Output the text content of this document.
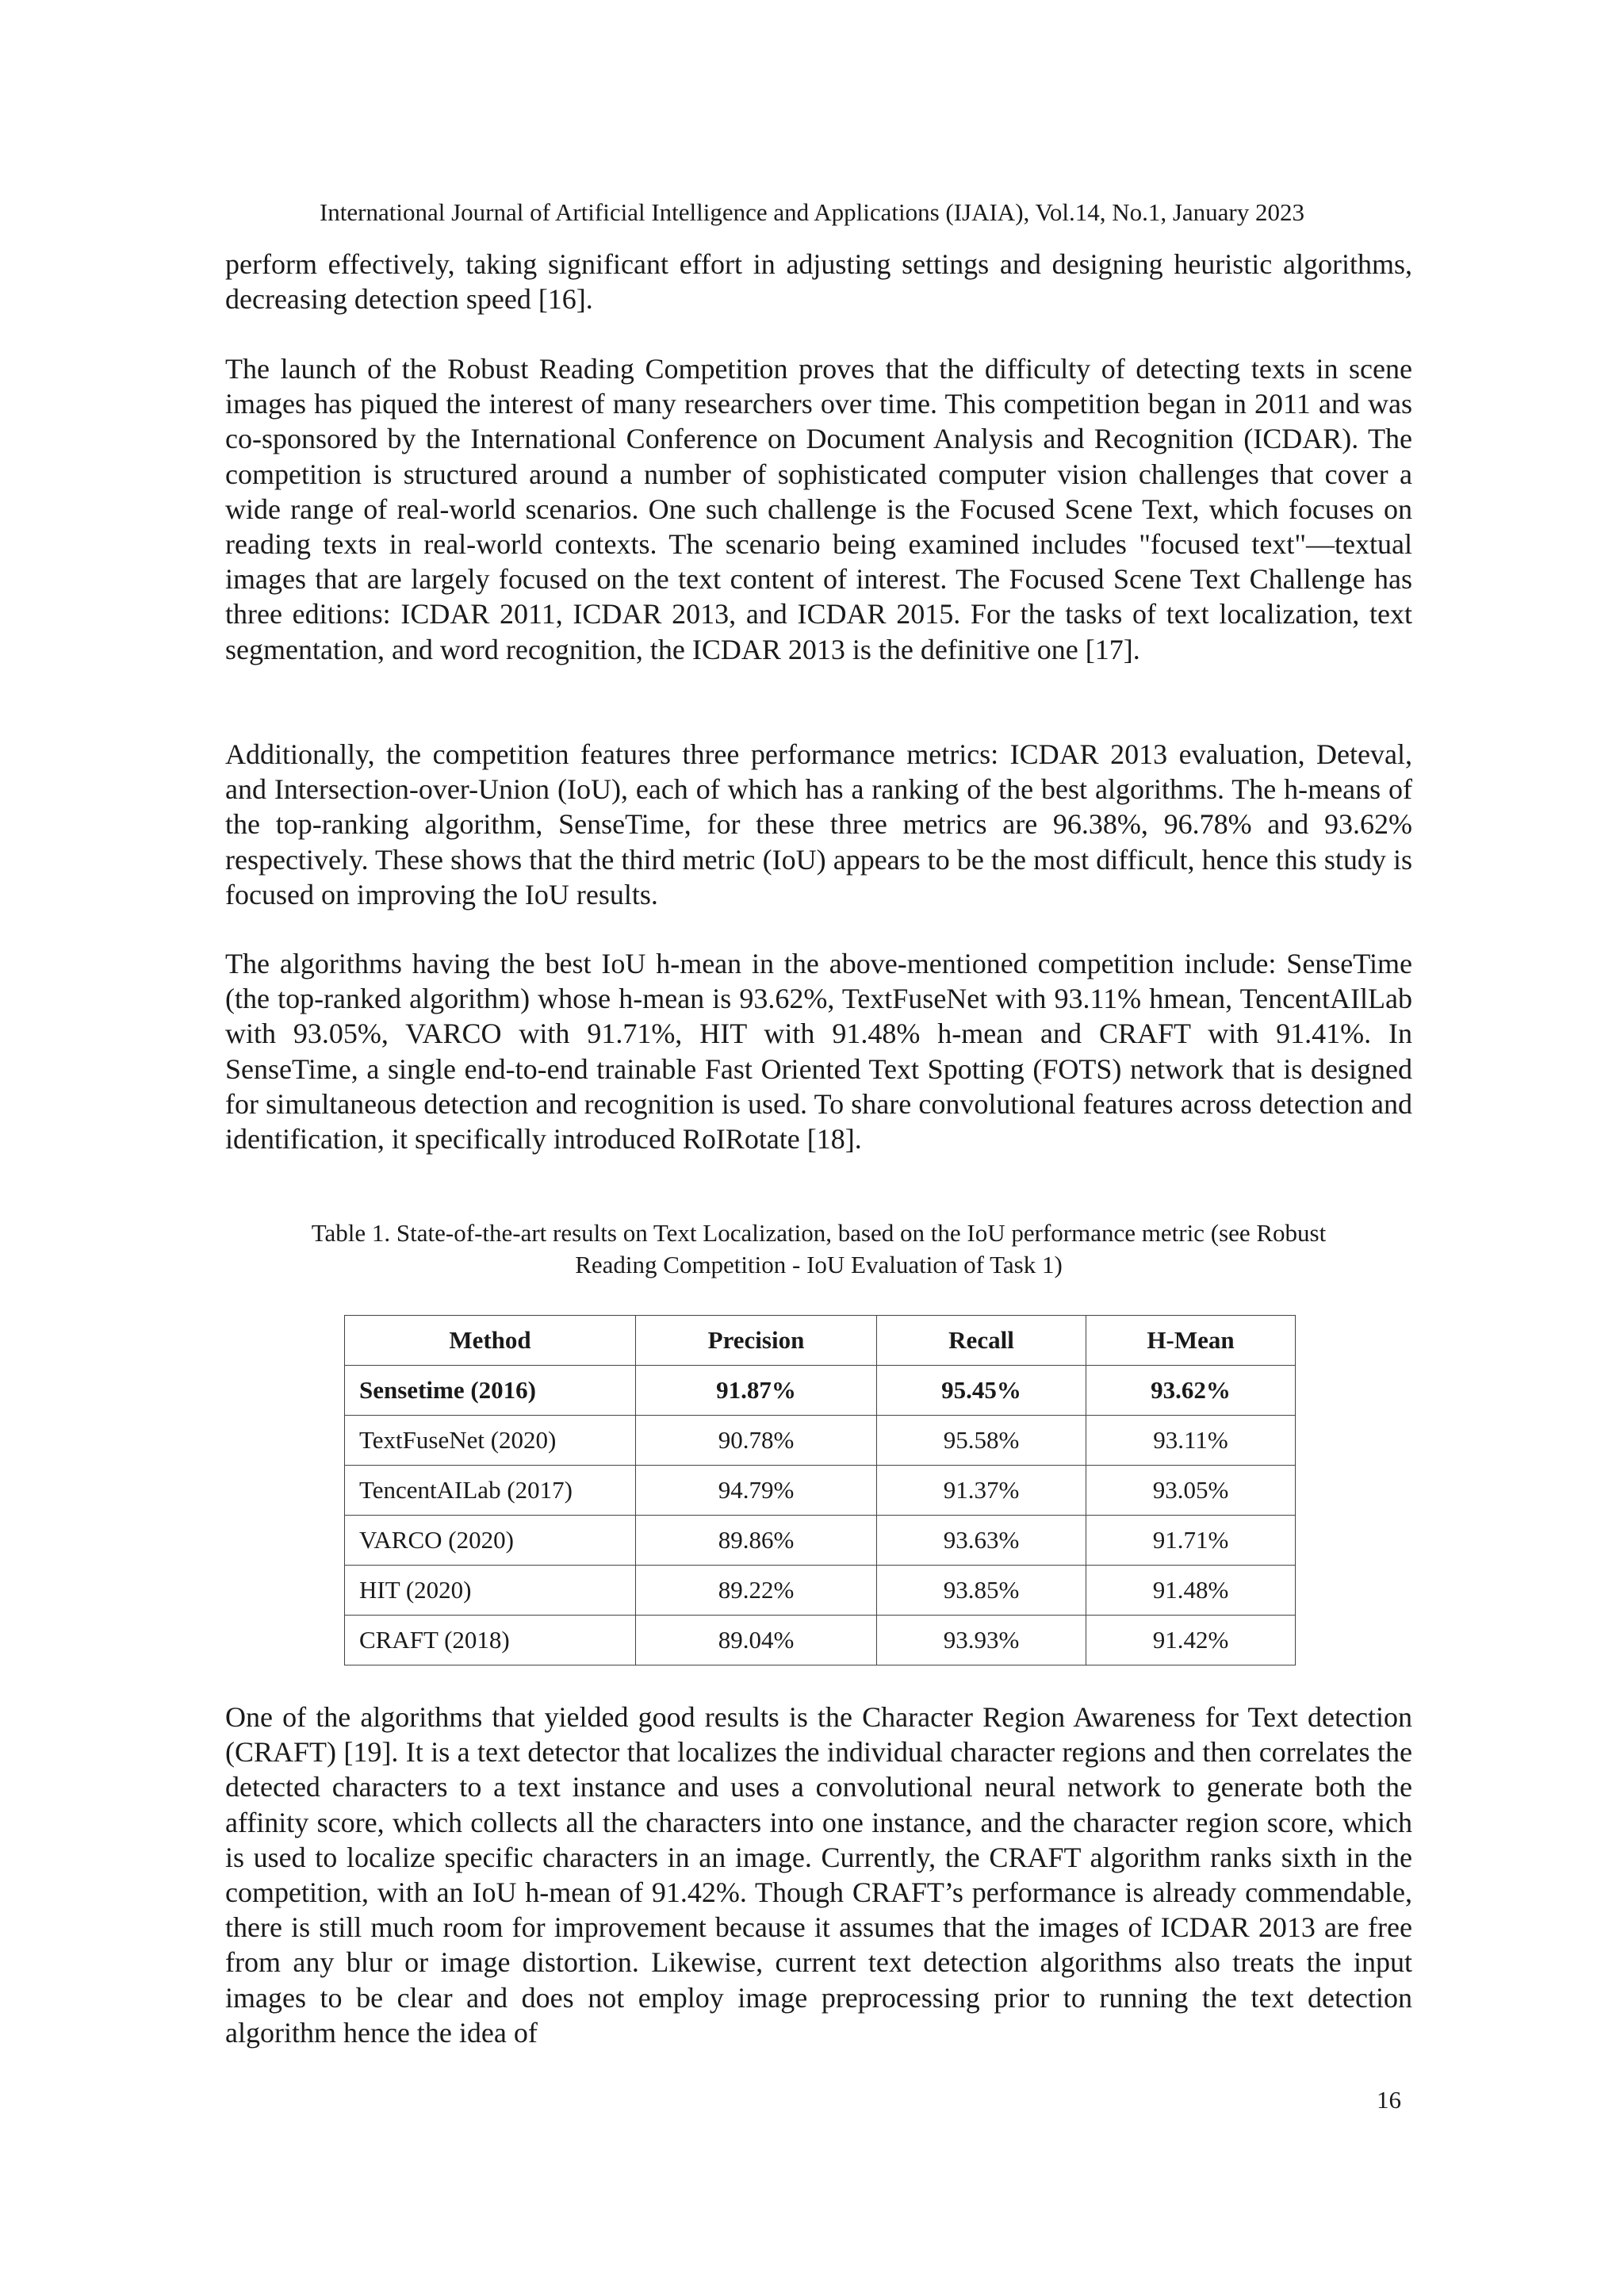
International Journal of Artificial Intelligence and Applications (IJAIA), Vol.14, No.1, January 2023

perform effectively, taking significant effort in adjusting settings and designing heuristic algorithms, decreasing detection speed [16].

The launch of the Robust Reading Competition proves that the difficulty of detecting texts in scene images has piqued the interest of many researchers over time. This competition began in 2011 and was co-sponsored by the International Conference on Document Analysis and Recognition (ICDAR). The competition is structured around a number of sophisticated computer vision challenges that cover a wide range of real-world scenarios. One such challenge is the Focused Scene Text, which focuses on reading texts in real-world contexts. The scenario being examined includes "focused text"—textual images that are largely focused on the text content of interest. The Focused Scene Text Challenge has three editions: ICDAR 2011, ICDAR 2013, and ICDAR 2015. For the tasks of text localization, text segmentation, and word recognition, the ICDAR 2013 is the definitive one [17].

Additionally, the competition features three performance metrics: ICDAR 2013 evaluation, Deteval, and Intersection-over-Union (IoU), each of which has a ranking of the best algorithms. The h-means of the top-ranking algorithm, SenseTime, for these three metrics are 96.38%, 96.78% and 93.62% respectively. These shows that the third metric (IoU) appears to be the most difficult, hence this study is focused on improving the IoU results.

The algorithms having the best IoU h-mean in the above-mentioned competition include: SenseTime (the top-ranked algorithm) whose h-mean is 93.62%, TextFuseNet with 93.11% hmean, TencentAIlLab with 93.05%, VARCO with 91.71%, HIT with 91.48% h-mean and CRAFT with 91.41%. In SenseTime, a single end-to-end trainable Fast Oriented Text Spotting (FOTS) network that is designed for simultaneous detection and recognition is used. To share convolutional features across detection and identification, it specifically introduced RoIRotate [18].

Table 1. State-of-the-art results on Text Localization, based on the IoU performance metric (see Robust
Reading Competition - IoU Evaluation of Task 1)
Method	Precision	Recall	H-Mean
Sensetime (2016)	91.87%	95.45%	93.62%
TextFuseNet (2020)	90.78%	95.58%	93.11%
TencentAILab (2017)	94.79%	91.37%	93.05%
VARCO (2020)	89.86%	93.63%	91.71%
HIT (2020)	89.22%	93.85%	91.48%
CRAFT (2018)	89.04%	93.93%	91.42%

One of the algorithms that yielded good results is the Character Region Awareness for Text detection (CRAFT) [19]. It is a text detector that localizes the individual character regions and then correlates the detected characters to a text instance and uses a convolutional neural network to generate both the affinity score, which collects all the characters into one instance, and the character region score, which is used to localize specific characters in an image. Currently, the CRAFT algorithm ranks sixth in the competition, with an IoU h-mean of 91.42%. Though CRAFT’s performance is already commendable, there is still much room for improvement because it assumes that the images of ICDAR 2013 are free from any blur or image distortion. Likewise, current text detection algorithms also treats the input images to be clear and does not employ image preprocessing prior to running the text detection algorithm hence the idea of

16
